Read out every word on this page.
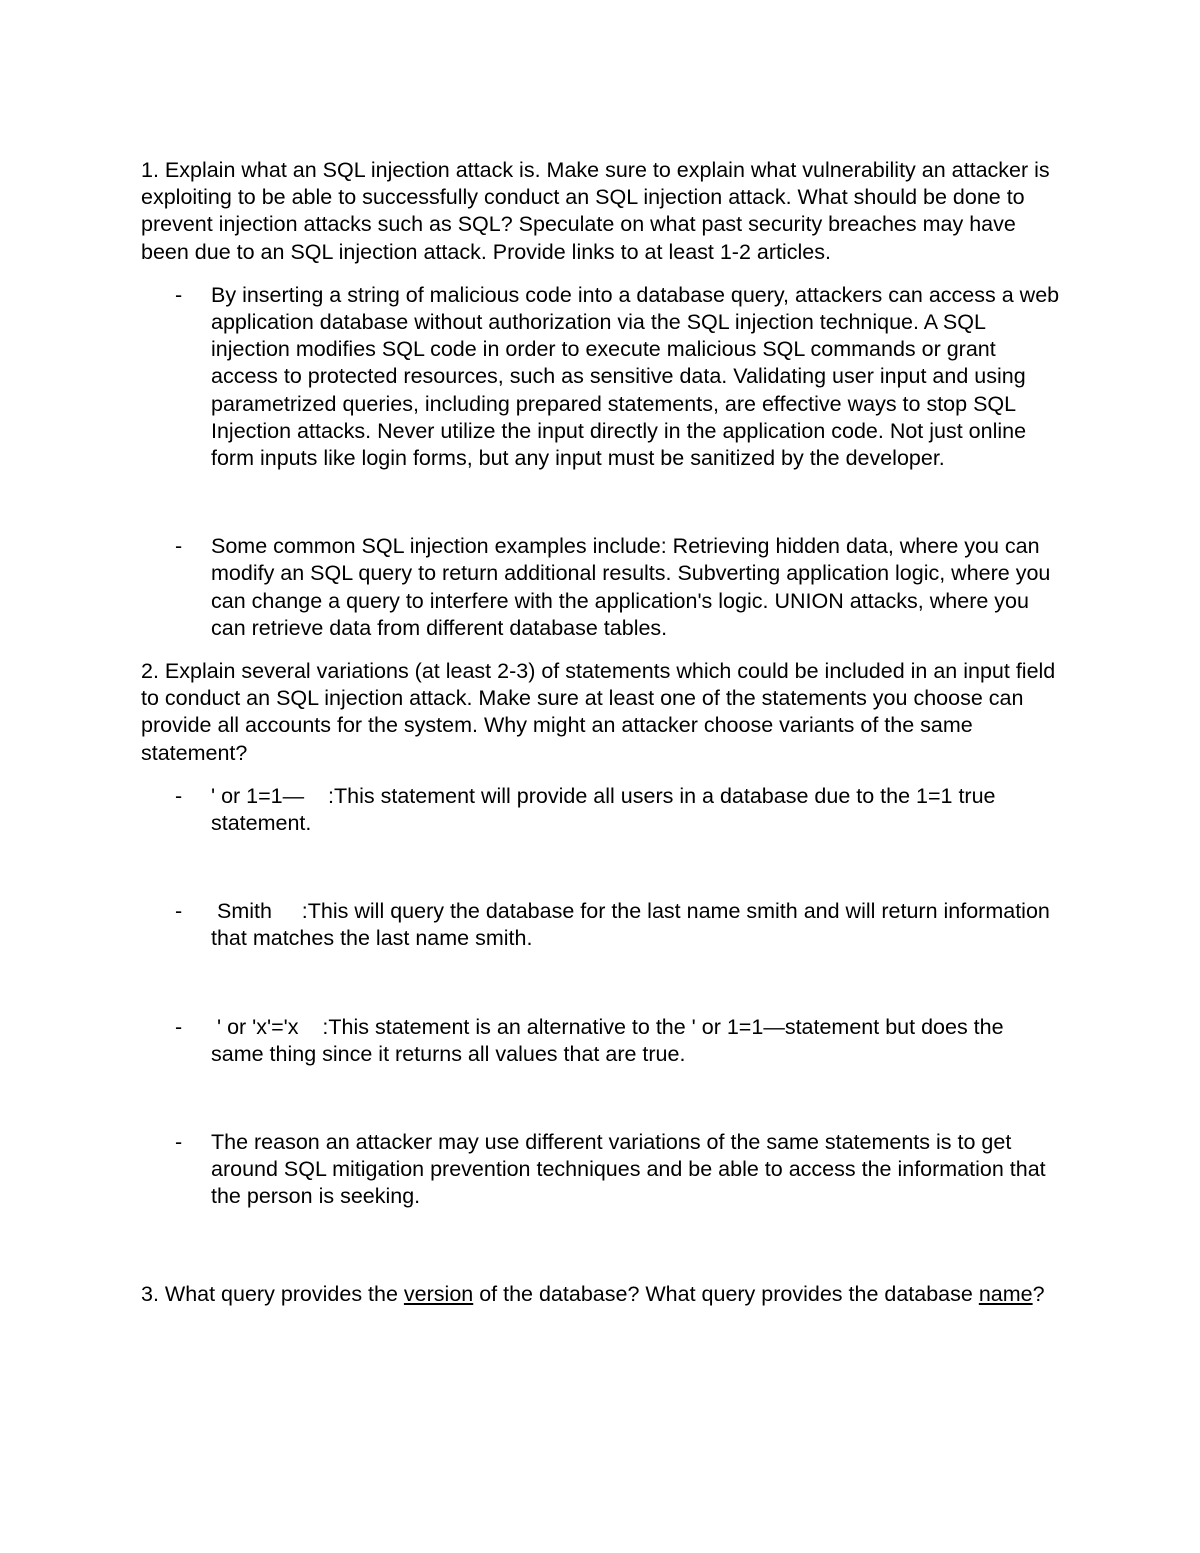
1. Explain what an SQL injection attack is. Make sure to explain what vulnerability an attacker is exploiting to be able to successfully conduct an SQL injection attack. What should be done to prevent injection attacks such as SQL? Speculate on what past security breaches may have been due to an SQL injection attack. Provide links to at least 1-2 articles.

- By inserting a string of malicious code into a database query, attackers can access a web application database without authorization via the SQL injection technique. A SQL injection modifies SQL code in order to execute malicious SQL commands or grant access to protected resources, such as sensitive data. Validating user input and using parametrized queries, including prepared statements, are effective ways to stop SQL Injection attacks. Never utilize the input directly in the application code. Not just online form inputs like login forms, but any input must be sanitized by the developer.

- Some common SQL injection examples include: Retrieving hidden data, where you can modify an SQL query to return additional results. Subverting application logic, where you can change a query to interfere with the application's logic. UNION attacks, where you can retrieve data from different database tables.

2. Explain several variations (at least 2-3) of statements which could be included in an input field to conduct an SQL injection attack. Make sure at least one of the statements you choose can provide all accounts for the system. Why might an attacker choose variants of the same statement?

- ' or 1=1—    :This statement will provide all users in a database due to the 1=1 true statement.

- Smith     :This will query the database for the last name smith and will return information that matches the last name smith.

- ' or 'x'='x    :This statement is an alternative to the ' or 1=1—statement but does the same thing since it returns all values that are true.

- The reason an attacker may use different variations of the same statements is to get around SQL mitigation prevention techniques and be able to access the information that the person is seeking.

3. What query provides the version of the database? What query provides the database name?
